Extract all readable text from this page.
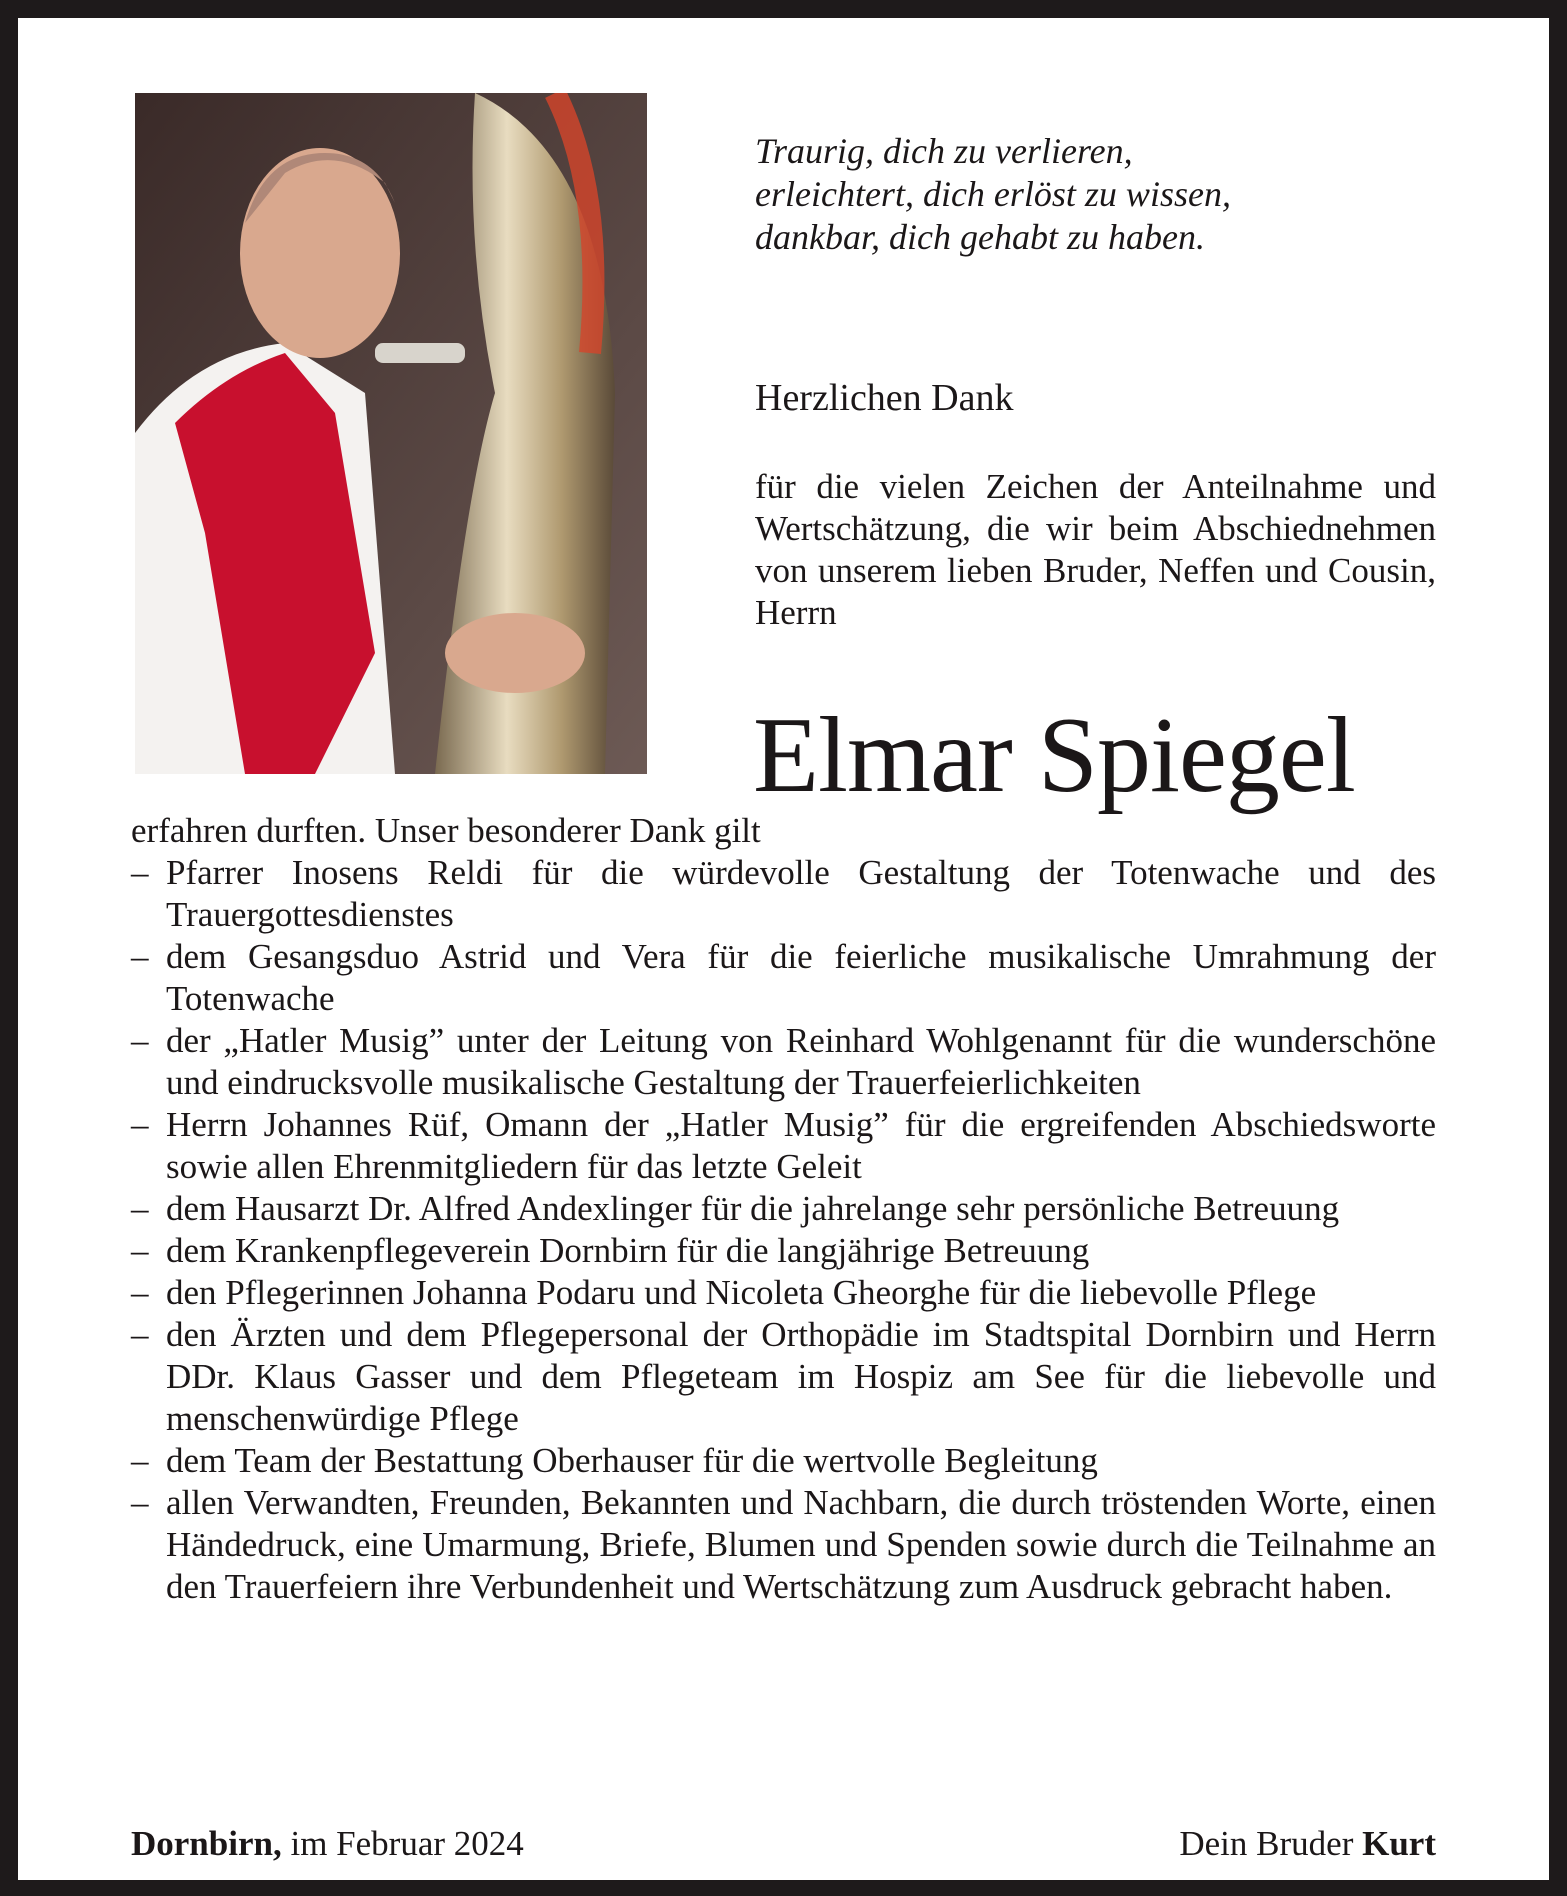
Traurig, dich zu verlieren,
erleichtert, dich erlöst zu wissen,
dankbar, dich gehabt zu haben.
Herzlichen Dank
für die vielen Zeichen der Anteilnahme und Wertschätzung, die wir beim Abschiednehmen von unserem lieben Bruder, Neffen und Cousin, Herrn
Elmar Spiegel

erfahren durften. Unser besonderer Dank gilt

– Pfarrer Inosens Reldi für die würdevolle Gestaltung der Totenwache und des Trauergottesdienstes
– dem Gesangsduo Astrid und Vera für die feierliche musikalische Umrahmung der Totenwache
– der „Hatler Musig” unter der Leitung von Reinhard Wohlgenannt für die wunderschöne und eindrucksvolle musikalische Gestaltung der Trauerfeierlichkeiten
– Herrn Johannes Rüf, Omann der „Hatler Musig” für die ergreifenden Abschiedsworte sowie allen Ehrenmitgliedern für das letzte Geleit
– dem Hausarzt Dr. Alfred Andexlinger für die jahrelange sehr persönliche Betreuung
– dem Krankenpflegeverein Dornbirn für die langjährige Betreuung
– den Pflegerinnen Johanna Podaru und Nicoleta Gheorghe für die liebevolle Pflege
– den Ärzten und dem Pflegepersonal der Orthopädie im Stadtspital Dornbirn und Herrn DDr. Klaus Gasser und dem Pflegeteam im Hospiz am See für die liebevolle und menschenwürdige Pflege
– dem Team der Bestattung Oberhauser für die wertvolle Begleitung
– allen Verwandten, Freunden, Bekannten und Nachbarn, die durch tröstenden Worte, einen Händedruck, eine Umarmung, Briefe, Blumen und Spenden sowie durch die Teilnahme an den Trauerfeiern ihre Verbundenheit und Wertschätzung zum Ausdruck gebracht haben.
Dornbirn, im Februar 2024	Dein Bruder Kurt
